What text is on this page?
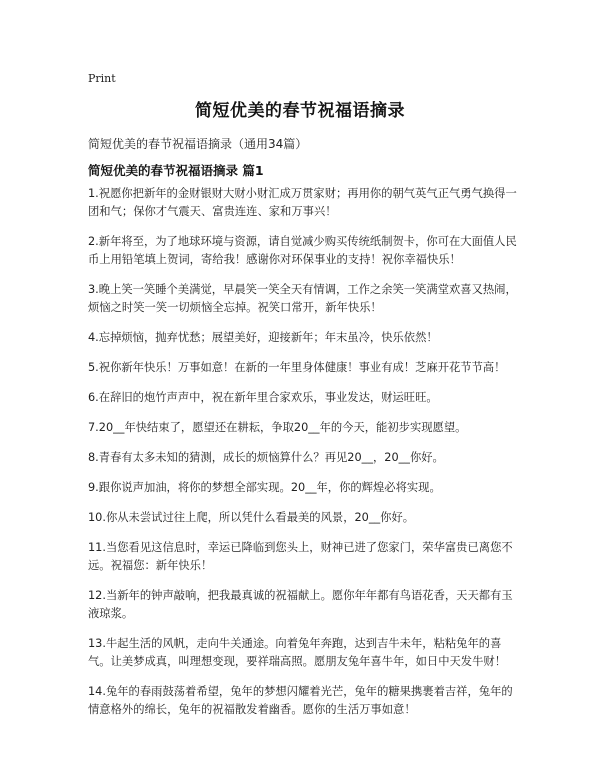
Print
简短优美的春节祝福语摘录
简短优美的春节祝福语摘录（通用34篇）
简短优美的春节祝福语摘录 篇1

1.祝愿你把新年的金财银财大财小财汇成万贯家财；再用你的朝气英气正气勇气换得一团和气；保你才气震天、富贵连连、家和万事兴！

2.新年将至，为了地球环境与资源，请自觉减少购买传统纸制贺卡，你可在大面值人民币上用铅笔填上贺词，寄给我！感谢你对环保事业的支持！祝你幸福快乐！

3.晚上笑一笑睡个美满觉，早晨笑一笑全天有情调，工作之余笑一笑满堂欢喜又热闹，烦恼之时笑一笑一切烦恼全忘掉。祝笑口常开，新年快乐！

4.忘掉烦恼，抛弃忧愁；展望美好，迎接新年；年末虽冷，快乐依然！

5.祝你新年快乐！万事如意！在新的一年里身体健康！事业有成！芝麻开花节节高！

6.在辞旧的炮竹声声中，祝在新年里合家欢乐，事业发达，财运旺旺。

7.20__年快结束了，愿望还在耕耘，争取20__年的今天，能初步实现愿望。

8.青春有太多未知的猜测，成长的烦恼算什么？再见20__，20__你好。

9.跟你说声加油，将你的梦想全部实现。20__年，你的辉煌必将实现。

10.你从未尝试过往上爬，所以凭什么看最美的风景，20__你好。

11.当您看见这信息时，幸运已降临到您头上，财神已进了您家门，荣华富贵已离您不远。祝福您：新年快乐！

12.当新年的钟声敲响，把我最真诚的祝福献上。愿你年年都有鸟语花香，天天都有玉液琼浆。

13.牛起生活的风帆，走向牛关通途。向着兔年奔跑，达到吉牛未年，粘粘兔年的喜气。让美梦成真，叫理想变现，要祥瑞高照。愿朋友兔年喜牛年，如日中天发牛财！

14.兔年的春雨鼓荡着希望，兔年的梦想闪耀着光芒，兔年的糖果携裹着吉祥，兔年的情意格外的绵长，兔年的祝福散发着幽香。愿你的生活万事如意！
